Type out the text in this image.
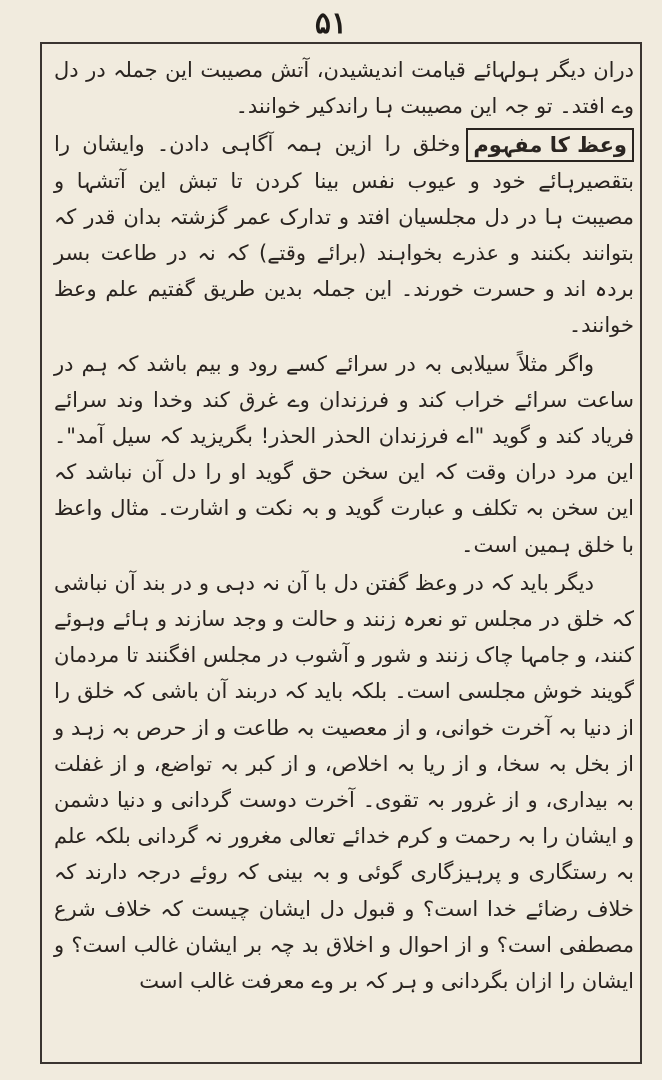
۵۱

دران دیگر ہولہائے قیامت اندیشیدن، آتش مصیبت این جملہ در دل وے افتد۔ تو جہ این مصیبت ہا راندکیر خوانند۔

وعظ کا مفہوموخلق را ازین ہمہ آگاہی دادن۔ وایشان را بتقصیرہائے خود و عیوب نفس بینا کردن تا تبش این آتشہا و مصیبت ہا در دل مجلسیان افتد و تدارک عمر گزشتہ بدان قدر کہ بتوانند بکنند و عذرے بخواہند (برائے وقتے) کہ نہ در طاعت بسر بردہ اند و حسرت خورند۔ این جملہ بدین طریق گفتیم علم وعظ خوانند۔

واگر مثلاً سیلابی بہ در سرائے کسے رود و بیم باشد کہ ہم در ساعت سرائے خراب کند و فرزندان وے غرق کند وخدا وند سرائے فریاد کند و گوید "اے فرزندان الحذر الحذر! بگریزید کہ سیل آمد"۔ این مرد دران وقت کہ این سخن حق گوید او را دل آن نباشد کہ این سخن بہ تکلف و عبارت گوید و بہ نکت و اشارت۔ مثال واعظ با خلق ہمین است۔

دیگر باید کہ در وعظ گفتن دل با آن نہ دہی و در بند آن نباشی کہ خلق در مجلس تو نعرہ زنند و حالت و وجد سازند و ہائے وہوئے کنند، و جامہا چاک زنند و شور و آشوب در مجلس افگنند تا مردمان گویند خوش مجلسی است۔ بلکہ باید کہ دربند آن باشی کہ خلق را از دنیا بہ آخرت خوانی، و از معصیت بہ طاعت و از حرص بہ زہد و از بخل بہ سخا، و از ریا بہ اخلاص، و از کبر بہ تواضع، و از غفلت بہ بیداری، و از غرور بہ تقوی۔ آخرت دوست گردانی و دنیا دشمن و ایشان را بہ رحمت و کرم خدائے تعالی مغرور نہ گردانی بلکہ علم بہ رستگاری و پرہیزگاری گوئی و بہ بینی کہ روئے درجہ دارند کہ خلاف رضائے خدا است؟ و قبول دل ایشان چیست کہ خلاف شرع مصطفی است؟ و از احوال و اخلاق بد چہ بر ایشان غالب است؟ و ایشان را ازان بگردانی و ہر کہ بر وے معرفت غالب است
